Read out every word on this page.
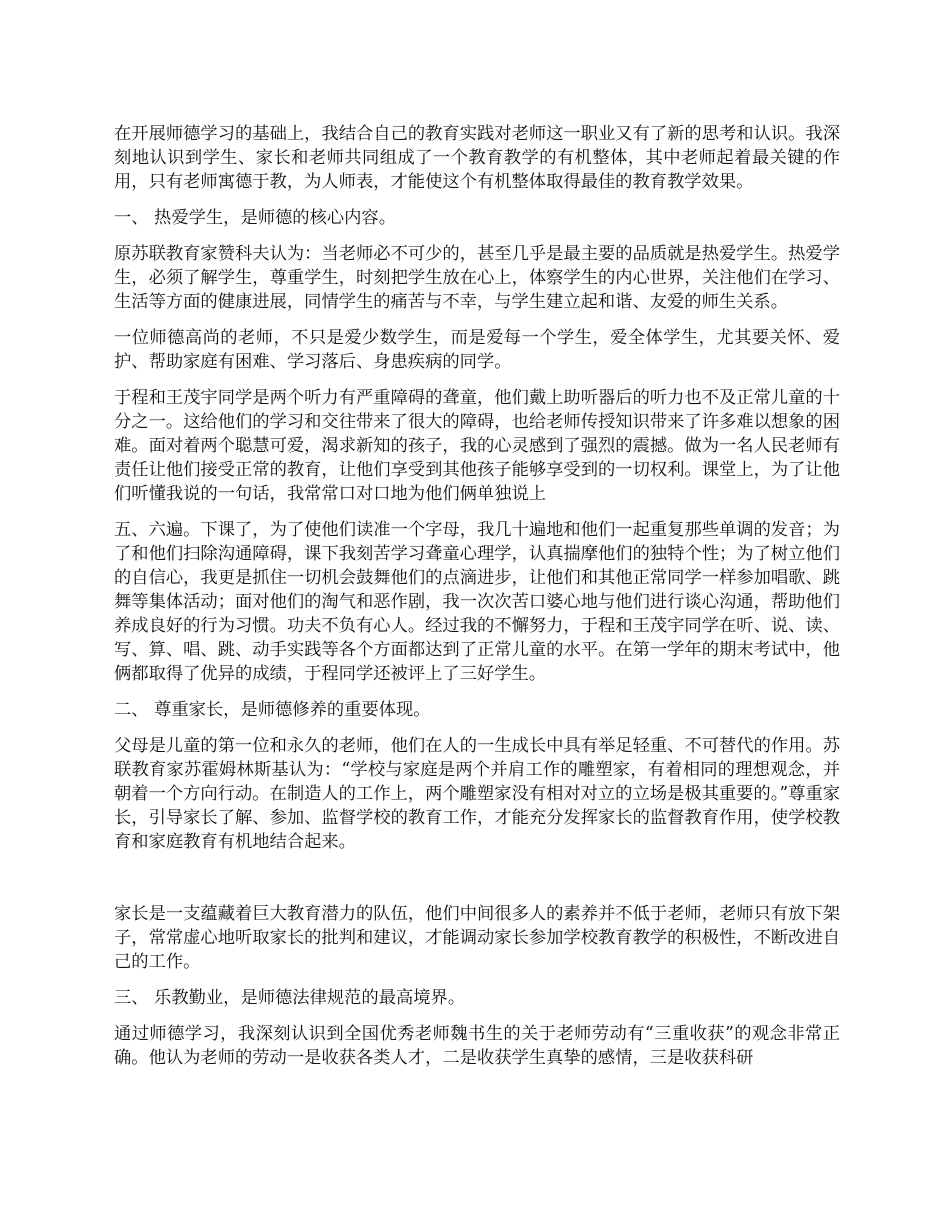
在开展师德学习的基础上，我结合自己的教育实践对老师这一职业又有了新的思考和认识。我深刻地认识到学生、家长和老师共同组成了一个教育教学的有机整体，其中老师起着最关键的作用，只有老师寓德于教，为人师表，才能使这个有机整体取得最佳的教育教学效果。

一、 热爱学生，是师德的核心内容。

原苏联教育家赞科夫认为：当老师必不可少的，甚至几乎是最主要的品质就是热爱学生。热爱学生，必须了解学生，尊重学生，时刻把学生放在心上，体察学生的内心世界，关注他们在学习、生活等方面的健康进展，同情学生的痛苦与不幸，与学生建立起和谐、友爱的师生关系。

一位师德高尚的老师，不只是爱少数学生，而是爱每一个学生，爱全体学生，尤其要关怀、爱护、帮助家庭有困难、学习落后、身患疾病的同学。

于程和王茂宇同学是两个听力有严重障碍的聋童，他们戴上助听器后的听力也不及正常儿童的十分之一。这给他们的学习和交往带来了很大的障碍，也给老师传授知识带来了许多难以想象的困难。面对着两个聪慧可爱，渴求新知的孩子，我的心灵感到了强烈的震撼。做为一名人民老师有责任让他们接受正常的教育，让他们享受到其他孩子能够享受到的一切权利。课堂上，为了让他们听懂我说的一句话，我常常口对口地为他们俩单独说上

五、六遍。下课了，为了使他们读准一个字母，我几十遍地和他们一起重复那些单调的发音；为了和他们扫除沟通障碍，课下我刻苦学习聋童心理学，认真揣摩他们的独特个性；为了树立他们的自信心，我更是抓住一切机会鼓舞他们的点滴进步，让他们和其他正常同学一样参加唱歌、跳舞等集体活动；面对他们的淘气和恶作剧，我一次次苦口婆心地与他们进行谈心沟通，帮助他们养成良好的行为习惯。功夫不负有心人。经过我的不懈努力，于程和王茂宇同学在听、说、读、写、算、唱、跳、动手实践等各个方面都达到了正常儿童的水平。在第一学年的期末考试中，他俩都取得了优异的成绩，于程同学还被评上了三好学生。

二、 尊重家长，是师德修养的重要体现。

父母是儿童的第一位和永久的老师，他们在人的一生成长中具有举足轻重、不可替代的作用。苏联教育家苏霍姆林斯基认为：“学校与家庭是两个并肩工作的雕塑家，有着相同的理想观念，并朝着一个方向行动。在制造人的工作上，两个雕塑家没有相对对立的立场是极其重要的。”尊重家长，引导家长了解、参加、监督学校的教育工作，才能充分发挥家长的监督教育作用，使学校教育和家庭教育有机地结合起来。

家长是一支蕴藏着巨大教育潜力的队伍，他们中间很多人的素养并不低于老师，老师只有放下架子，常常虚心地听取家长的批判和建议，才能调动家长参加学校教育教学的积极性，不断改进自己的工作。

三、 乐教勤业，是师德法律规范的最高境界。

通过师德学习，我深刻认识到全国优秀老师魏书生的关于老师劳动有“三重收获”的观念非常正确。他认为老师的劳动一是收获各类人才，二是收获学生真挚的感情，三是收获科研
